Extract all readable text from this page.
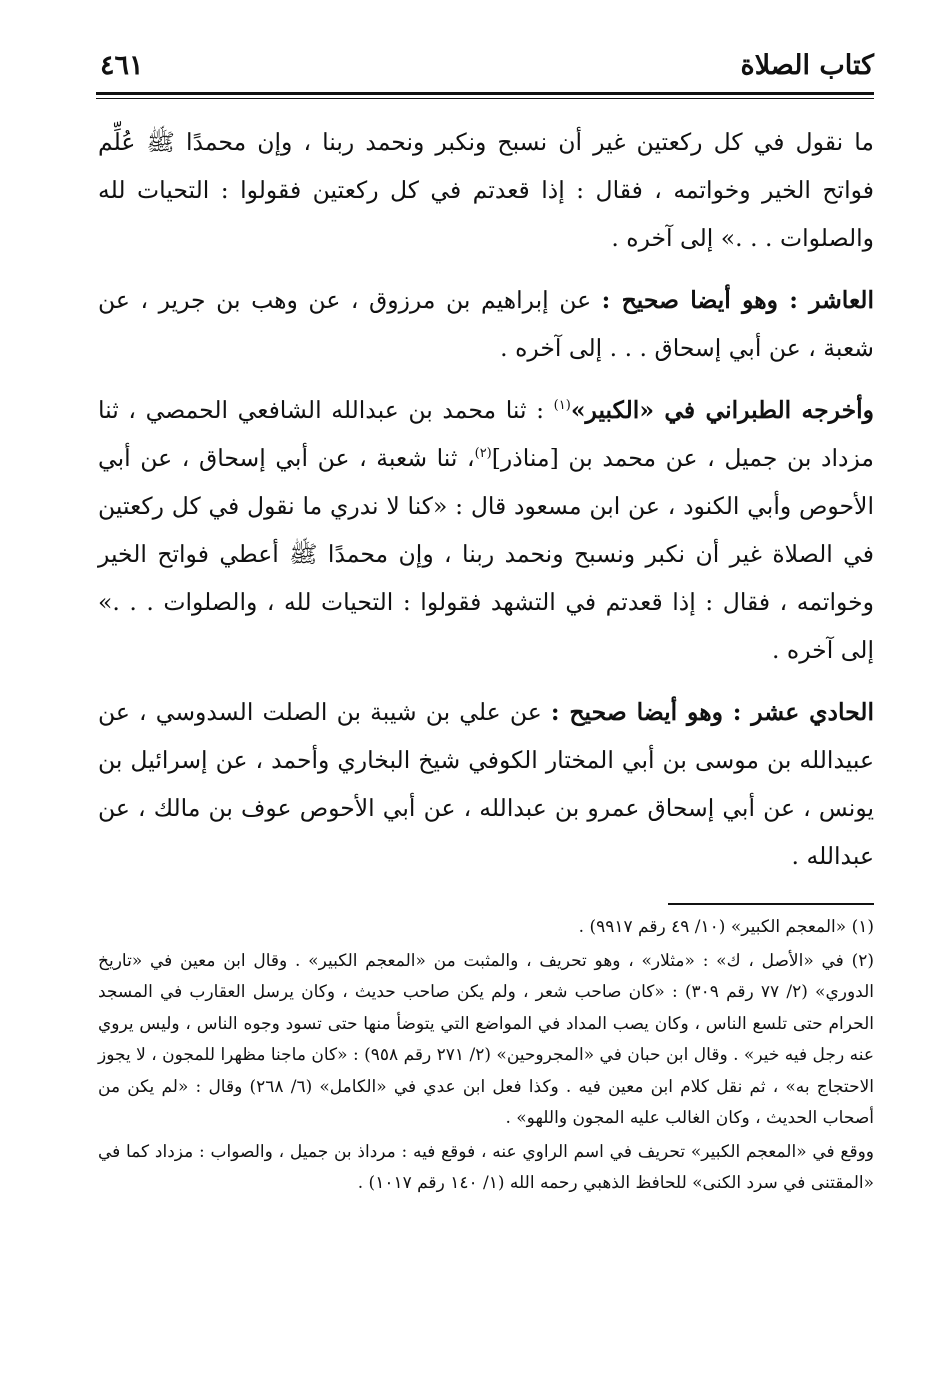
كتاب الصلاة
٤٦١

ما نقول في كل ركعتين غير أن نسبح ونكبر ونحمد ربنا ، وإن محمدًا ﷺ عُلِّم فواتح الخير وخواتمه ، فقال : إذا قعدتم في كل ركعتين فقولوا : التحيات لله والصلوات . . .» إلى آخره .

العاشر : وهو أيضا صحيح : عن إبراهيم بن مرزوق ، عن وهب بن جرير ، عن شعبة ، عن أبي إسحاق . . . إلى آخره .

وأخرجه الطبراني في «الكبير»$^{(١)}$ : ثنا محمد بن عبدالله الشافعي الحمصي ، ثنا مزداد بن جميل ، عن محمد بن [مناذر]$^{(٢)}$، ثنا شعبة ، عن أبي إسحاق ، عن أبي الأحوص وأبي الكنود ، عن ابن مسعود قال : «كنا لا ندري ما نقول في كل ركعتين في الصلاة غير أن نكبر ونسبح ونحمد ربنا ، وإن محمدًا ﷺ أعطي فواتح الخير وخواتمه ، فقال : إذا قعدتم في التشهد فقولوا : التحيات لله ، والصلوات . . .» إلى آخره .

الحادي عشر : وهو أيضا صحيح : عن علي بن شيبة بن الصلت السدوسي ، عن عبيدالله بن موسى بن أبي المختار الكوفي شيخ البخاري وأحمد ، عن إسرائيل بن يونس ، عن أبي إسحاق عمرو بن عبدالله ، عن أبي الأحوص عوف بن مالك ، عن عبدالله .

(١) «المعجم الكبير» (١٠/ ٤٩ رقم ٩٩١٧) .

(٢) في «الأصل ، ك» : «مثلار» ، وهو تحريف ، والمثبت من «المعجم الكبير» . وقال ابن معين في «تاريخ الدوري» (٢/ ٧٧ رقم ٣٠٩) : «كان صاحب شعر ، ولم يكن صاحب حديث ، وكان يرسل العقارب في المسجد الحرام حتى تلسع الناس ، وكان يصب المداد في المواضع التي يتوضأ منها حتى تسود وجوه الناس ، وليس يروي عنه رجل فيه خير» . وقال ابن حبان في «المجروحين» (٢/ ٢٧١ رقم ٩٥٨) : «كان ماجنا مظهرا للمجون ، لا يجوز الاحتجاج به» ، ثم نقل كلام ابن معين فيه . وكذا فعل ابن عدي في «الكامل» (٦/ ٢٦٨) وقال : «لم يكن من أصحاب الحديث ، وكان الغالب عليه المجون واللهو» .

ووقع في «المعجم الكبير» تحريف في اسم الراوي عنه ، فوقع فيه : مرداذ بن جميل ، والصواب : مزداد كما في «المقتنى في سرد الكنى» للحافظ الذهبي رحمه الله (١/ ١٤٠ رقم ١٠١٧) .
